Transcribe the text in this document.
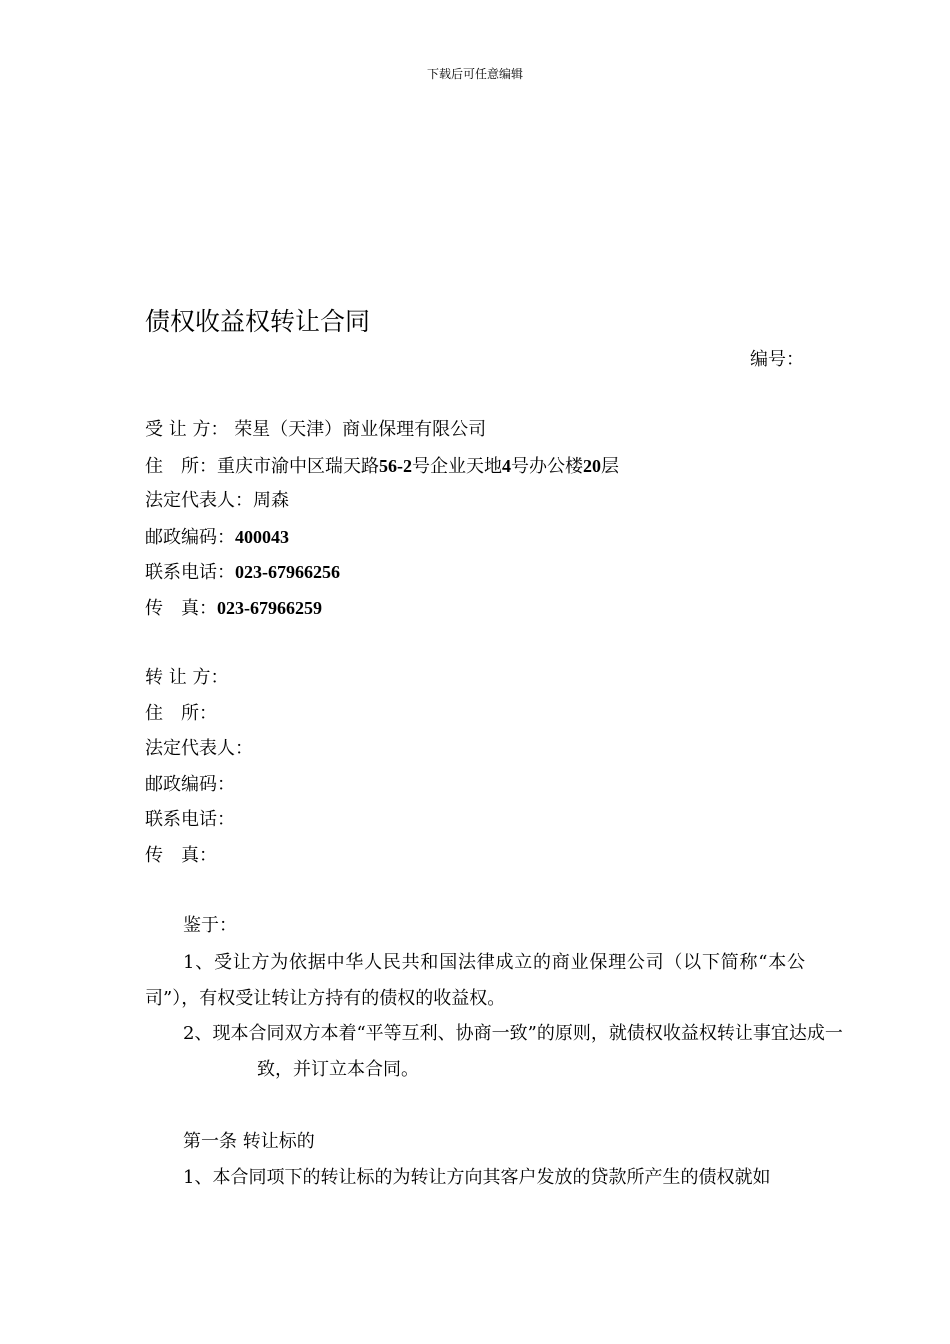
下载后可任意编辑
债权收益权转让合同
编号：
受 让 方： 荣星（天津）商业保理有限公司
住 所：重庆市渝中区瑞天路56-2号企业天地4号办公楼20层
法定代表人：周森
邮政编码：400043
联系电话：023-67966256
传 真：023-67966259
转 让 方：
住 所：
法定代表人：
邮政编码：
联系电话：
传 真：
鉴于：
1、受让方为依据中华人民共和国法律成立的商业保理公司（以下简称“本公司”），有权受让转让方持有的债权的收益权。
2、现本合同双方本着“平等互利、协商一致”的原则，就债权收益权转让事宜达成一
致，并订立本合同。
第一条 转让标的
1、本合同项下的转让标的为转让方向其客户发放的贷款所产生的债权就如
